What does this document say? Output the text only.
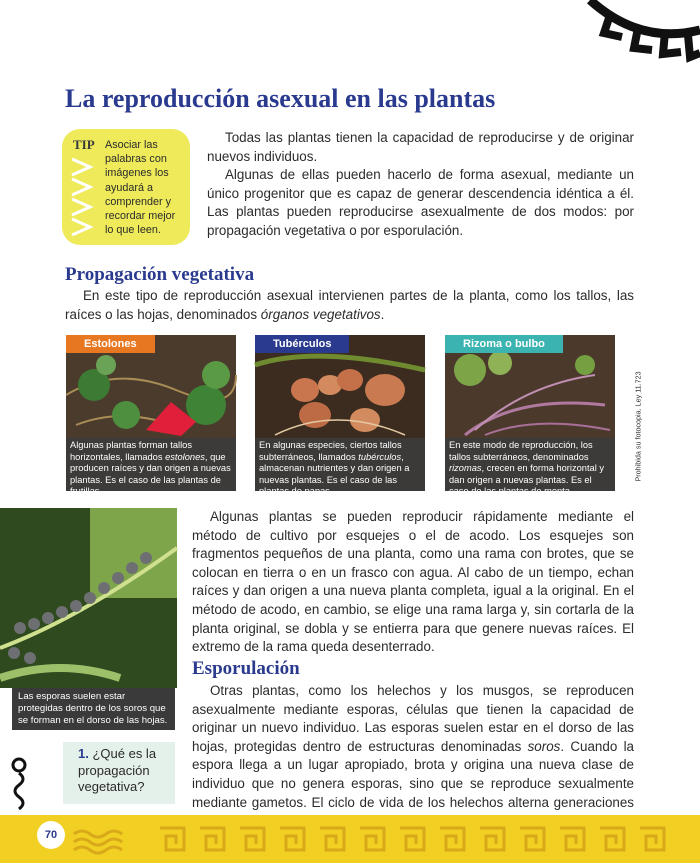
La reproducción asexual en las plantas
TIP Asociar las palabras con imágenes los ayudará a comprender y recordar mejor lo que leen.

Todas las plantas tienen la capacidad de reproducirse y de originar nuevos individuos.

Algunas de ellas pueden hacerlo de forma asexual, mediante un único progenitor que es capaz de generar descendencia idéntica a él. Las plantas pueden reproducirse asexualmente de dos modos: por propagación vegetativa o por esporulación.

Propagación vegetativa

En este tipo de reproducción asexual intervienen partes de la planta, como los tallos, las raíces o las hojas, denominados órganos vegetativos.

Estolones
Algunas plantas forman tallos horizontales, llamados estolones, que producen raíces y dan origen a nuevas plantas. Es el caso de las plantas de frutillas.
Tubérculos
En algunas especies, ciertos tallos subterráneos, llamados tubérculos, almacenan nutrientes y dan origen a nuevas plantas. Es el caso de las plantas de papas.
Rizoma o bulbo
En este modo de reproducción, los tallos subterráneos, denominados rizomas, crecen en forma horizontal y dan origen a nuevas plantas. Es el caso de las plantas de menta.
Prohibida su fotocopia. Ley 11.723
Las esporas suelen estar protegidas dentro de los soros que se forman en el dorso de las hojas.

Algunas plantas se pueden reproducir rápidamente mediante el método de cultivo por esquejes o el de acodo. Los esquejes son fragmentos pequeños de una planta, como una rama con brotes, que se colocan en tierra o en un frasco con agua. Al cabo de un tiempo, echan raíces y dan origen a una nueva planta completa, igual a la original. En el método de acodo, en cambio, se elige una rama larga y, sin cortarla de la planta original, se dobla y se entierra para que genere nuevas raíces. El extremo de la rama queda desenterrado.

Esporulación

Otras plantas, como los helechos y los musgos, se reproducen asexualmente mediante esporas, células que tienen la capacidad de originar un nuevo individuo. Las esporas suelen estar en el dorso de las hojas, protegidas dentro de estructuras denominadas soros. Cuando la espora llega a un lugar apropiado, brota y origina una nueva clase de individuo que no genera esporas, sino que se reproduce sexualmente mediante gametos. El ciclo de vida de los helechos alterna generaciones

1. ¿Qué es la propagación vegetativa?
70
